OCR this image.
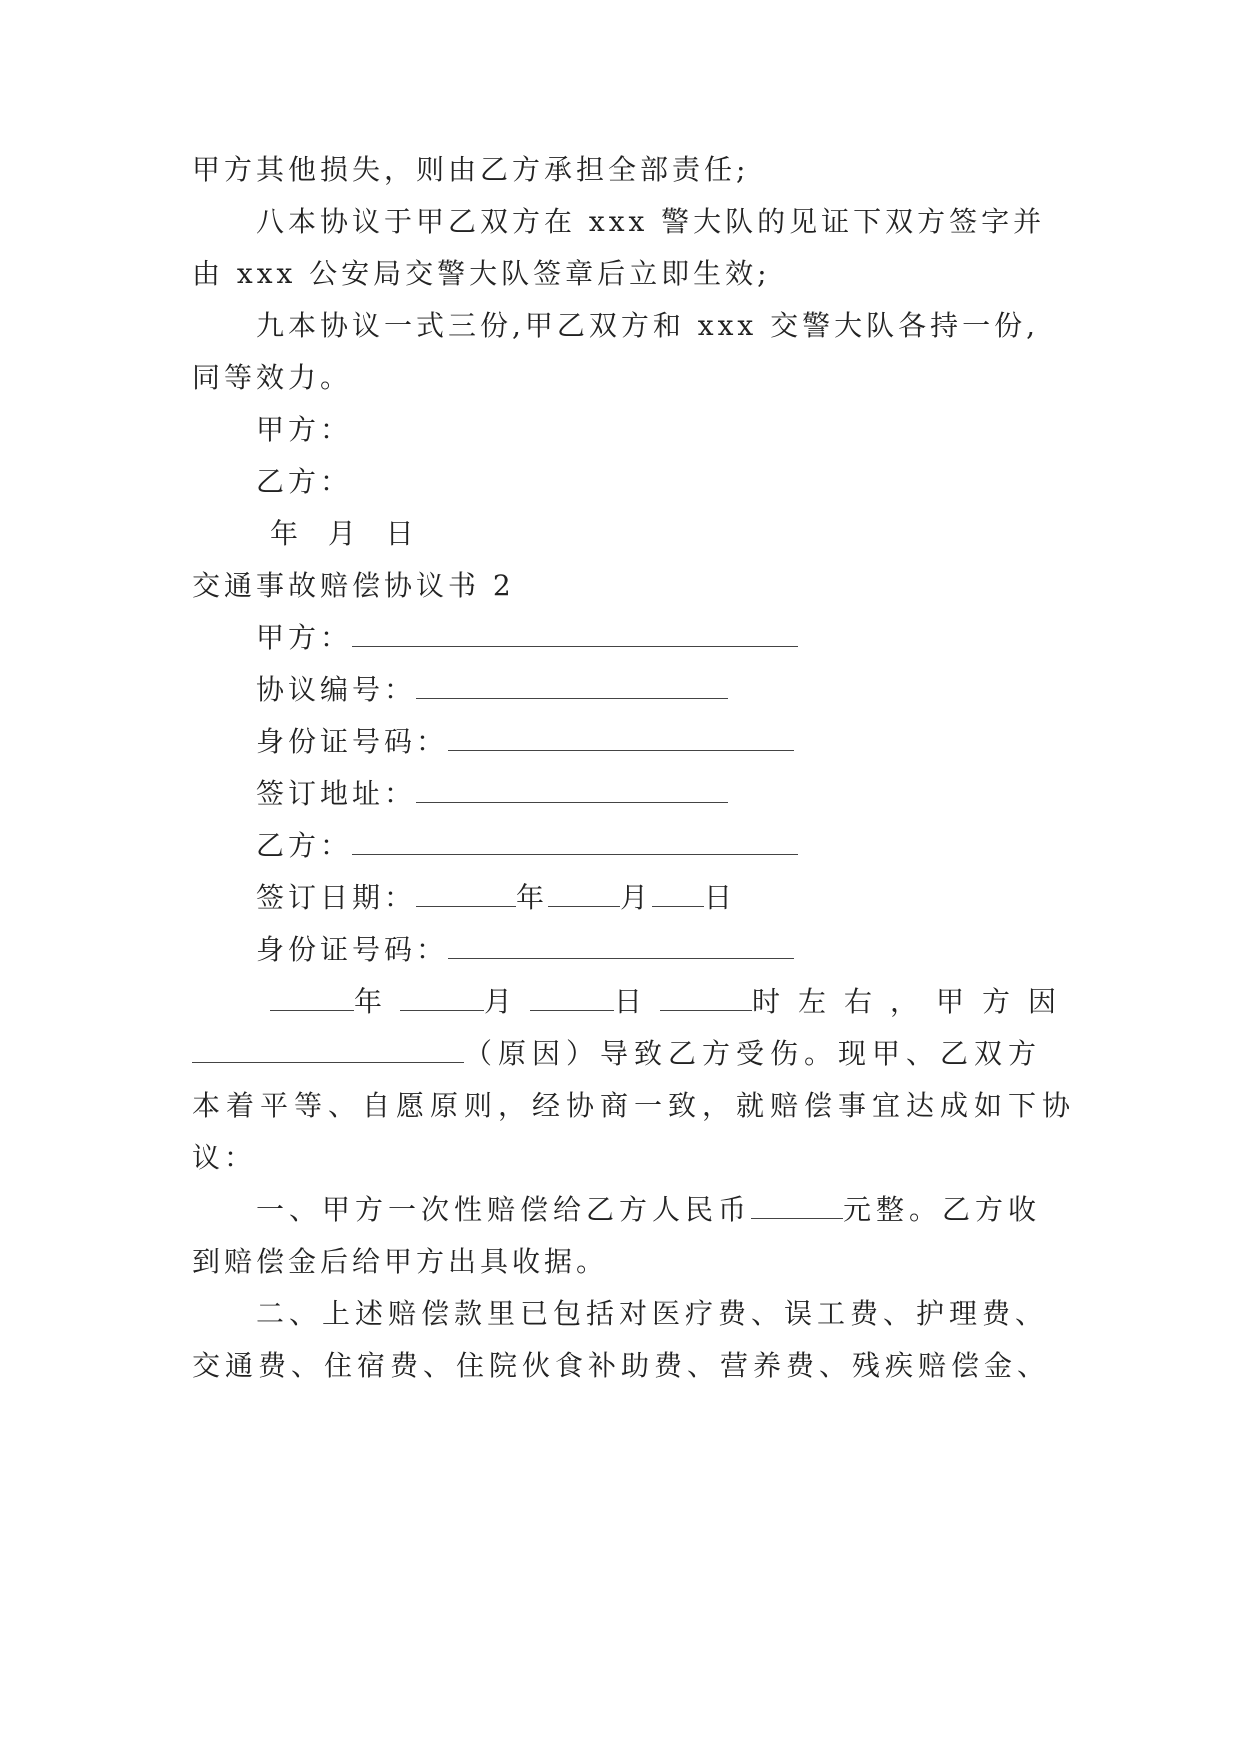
甲方其他损失，则由乙方承担全部责任;
八本协议于甲乙双方在 xxx 警大队的见证下双方签字并
由 xxx 公安局交警大队签章后立即生效;
九本协议一式三份,甲乙双方和 xxx 交警大队各持一份,
同等效力。
甲方：
乙方：
年 月 日
交通事故赔偿协议书 2
甲方：
协议编号：
身份证号码：
签订地址：
乙方：
签订日期：	年	月 日
身份证号码：
年	月	日	时左右，甲方因
（原因）导致乙方受伤。现甲、乙双方
本着平等、自愿原则，经协商一致，就赔偿事宜达成如下协
议：
一、甲方一次性赔偿给乙方人民币	元整。乙方收
到赔偿金后给甲方出具收据。
二、上述赔偿款里已包括对医疗费、误工费、护理费、
交通费、住宿费、住院伙食补助费、营养费、残疾赔偿金、
